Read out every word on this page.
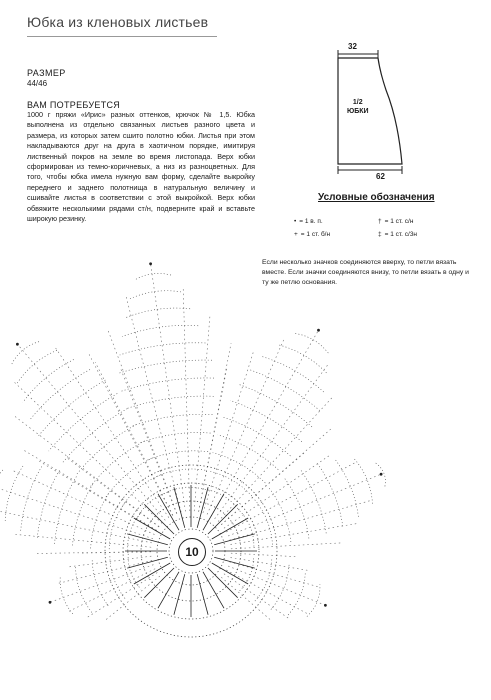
Юбка из кленовых листьев
РАЗМЕР
44/46
ВАМ ПОТРЕБУЕТСЯ
1000 г пряжи «Ирис» разных оттенков, крючок № 1,5. Юбка выполнена из отдельно связанных листьев разного цвета и размера, из которых затем сшито полотно юбки. Листья при этом накладываются друг на друга в хаотичном порядке, имитируя лиственный покров на земле во время листопада. Верх юбки сформирован из темно-коричневых, а низ из разноцветных. Для того, чтобы юбка имела нужную вам форму, сделайте выкройку переднего и заднего полотнища в натуральную величину и сшивайте листья в соответствии с этой выкройкой. Верх юбки обвяжите несколькими рядами ст/н, подверните край и вставьте широкую резинку.
32
1/2
ЮБКИ
62
Условные обозначения
• = 1 в. п.	† = 1 ст. с/н
+ = 1 ст. б/н	‡ = 1 ст. с/3н
Если несколько значков соединяются вверху, то петли вязать вместе. Если значки соединяются внизу, то петли вязать в одну и ту же петлю основания.
10
